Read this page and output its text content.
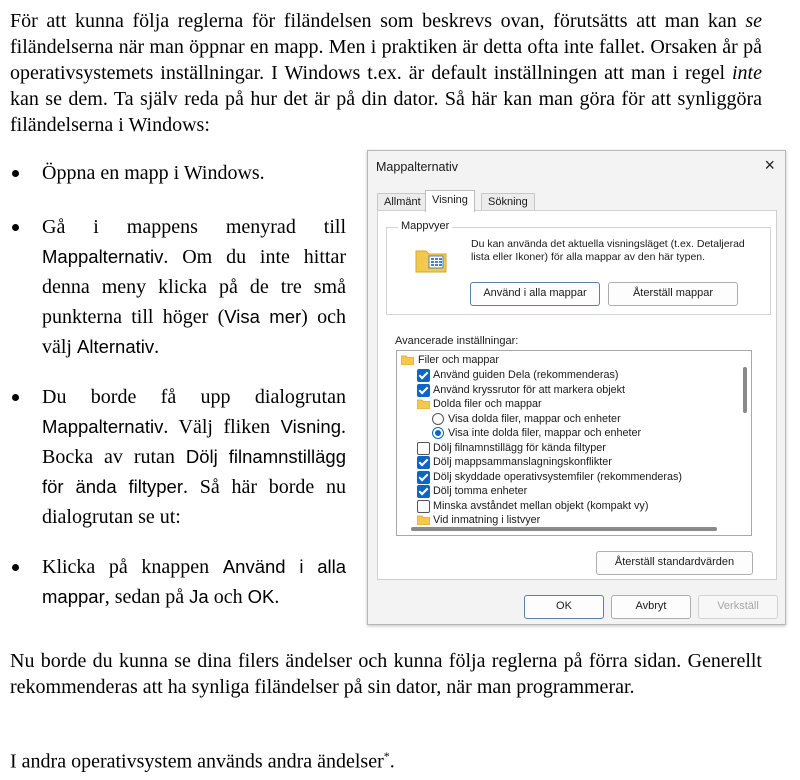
För att kunna följa reglerna för filändelsen som beskrevs ovan, förutsätts att man kan se filändelserna när man öppnar en mapp. Men i praktiken är detta ofta inte fallet. Orsaken år på operativsystemets inställningar. I Windows t.ex. är default inställningen att man i regel inte kan se dem. Ta själv reda på hur det är på din dator. Så här kan man göra för att synliggöra filändelserna i Windows:

Öppna en mapp i Windows.
Gå i mappens menyrad till Mappalternativ. Om du inte hittar denna meny klicka på de tre små punkterna till höger (Visa mer) och välj Alternativ.
Du borde få upp dialogrutan Mappalternativ. Välj fliken Visning. Bocka av rutan Dölj filnamnstillägg för ända filtyper. Så här borde nu dialogrutan se ut:
Klicka på knappen Använd i alla mappar, sedan på Ja och OK.
Mappalternativ	×
Allmänt	Visning	Sökning
Mappvyer
Du kan använda det aktuella visningsläget (t.ex. Detaljerad lista eller Ikoner) för alla mappar av den här typen.
Använd i alla mappar	Återställ mappar
Avancerade inställningar:
Filer och mappar
Använd guiden Dela (rekommenderas)
Använd kryssrutor för att markera objekt
Dolda filer och mappar
Visa dolda filer, mappar och enheter
Visa inte dolda filer, mappar och enheter
Dölj filnamnstillägg för kända filtyper
Dölj mappsammanslagningskonflikter
Dölj skyddade operativsystemfiler (rekommenderas)
Dölj tomma enheter
Minska avståndet mellan objekt (kompakt vy)
Vid inmatning i listvyer
Återställ standardvärden
OK	Avbryt	Verkställ

Nu borde du kunna se dina filers ändelser och kunna följa reglerna på förra sidan. Generellt rekommenderas att ha synliga filändelser på sin dator, när man programmerar.

I andra operativsystem används andra ändelser*.
